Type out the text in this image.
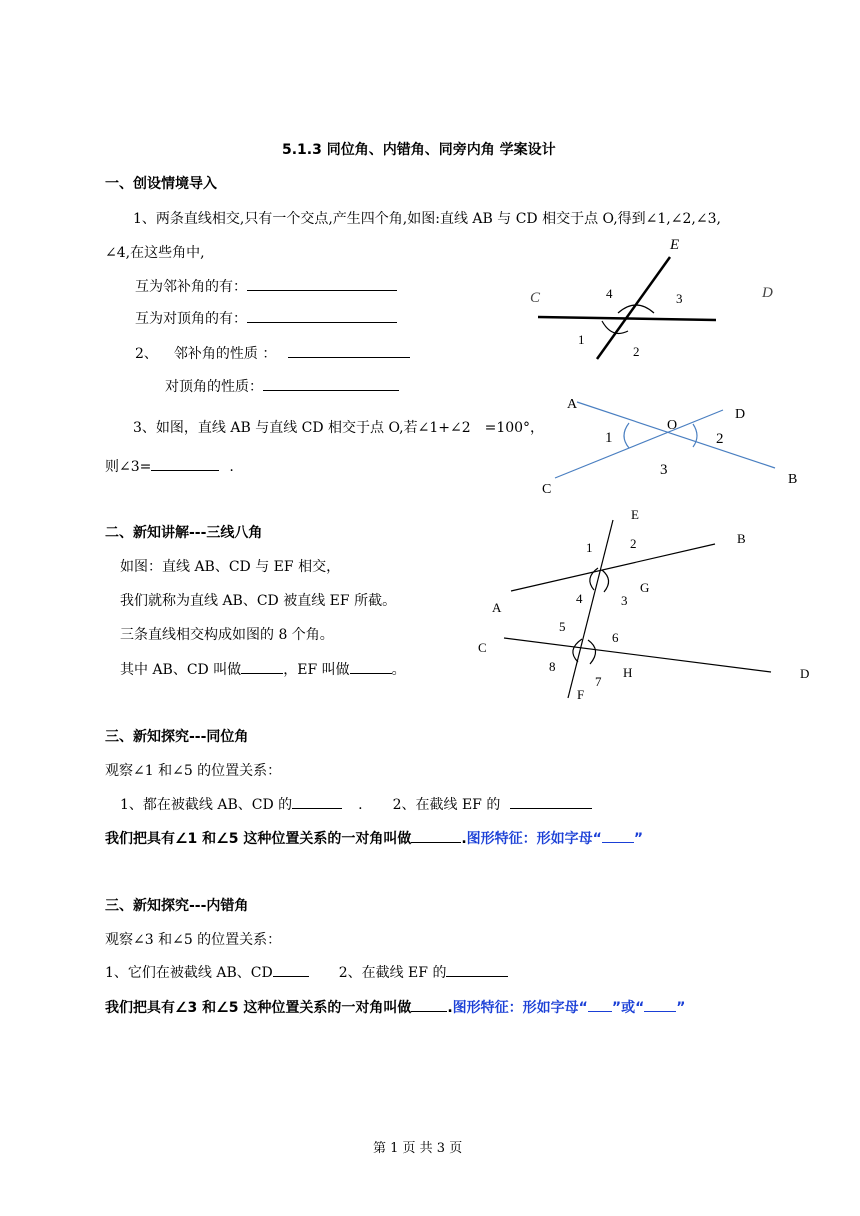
5.1.3 同位角、内错角、同旁内角 学案设计
一、创设情境导入
1、两条直线相交,只有一个交点,产生四个角,如图:直线 AB 与 CD 相交于点 O,得到∠1,∠2,∠3,
∠4,在这些角中,
互为邻补角的有：
互为对顶角的有：
2、 邻补角的性质 ：
对顶角的性质：
3、如图，直线 AB 与直线 CD 相交于点 O,若∠1+∠2　=100°，
则∠3=	.
E
C	D
4	3
1
2
A
D
O
1	2
3
C
B
二、新知讲解---三线八角
如图：直线 AB、CD 与 EF 相交，
我们就称为直线 AB、CD 被直线 EF 所截。
三条直线相交构成如图的 8 个角。
其中 AB、CD 叫做	，EF 叫做	。
E
B
1	2
G
4	3
A
5
6
C
8	H
7
D
F
三、新知探究---同位角
观察∠1 和∠5 的位置关系：
1、都在被截线 AB、CD 的	. 2、在截线 EF 的
我们把具有∠1 和∠5 这种位置关系的一对角叫做	.图形特征：形如字母“ ”
三、新知探究---内错角
观察∠3 和∠5 的位置关系：
1、它们在被截线 AB、CD	2、在截线 EF 的
我们把具有∠3 和∠5 这种位置关系的一对角叫做	.图形特征：形如字母“ ”或“ ”
第 1 页 共 3 页
